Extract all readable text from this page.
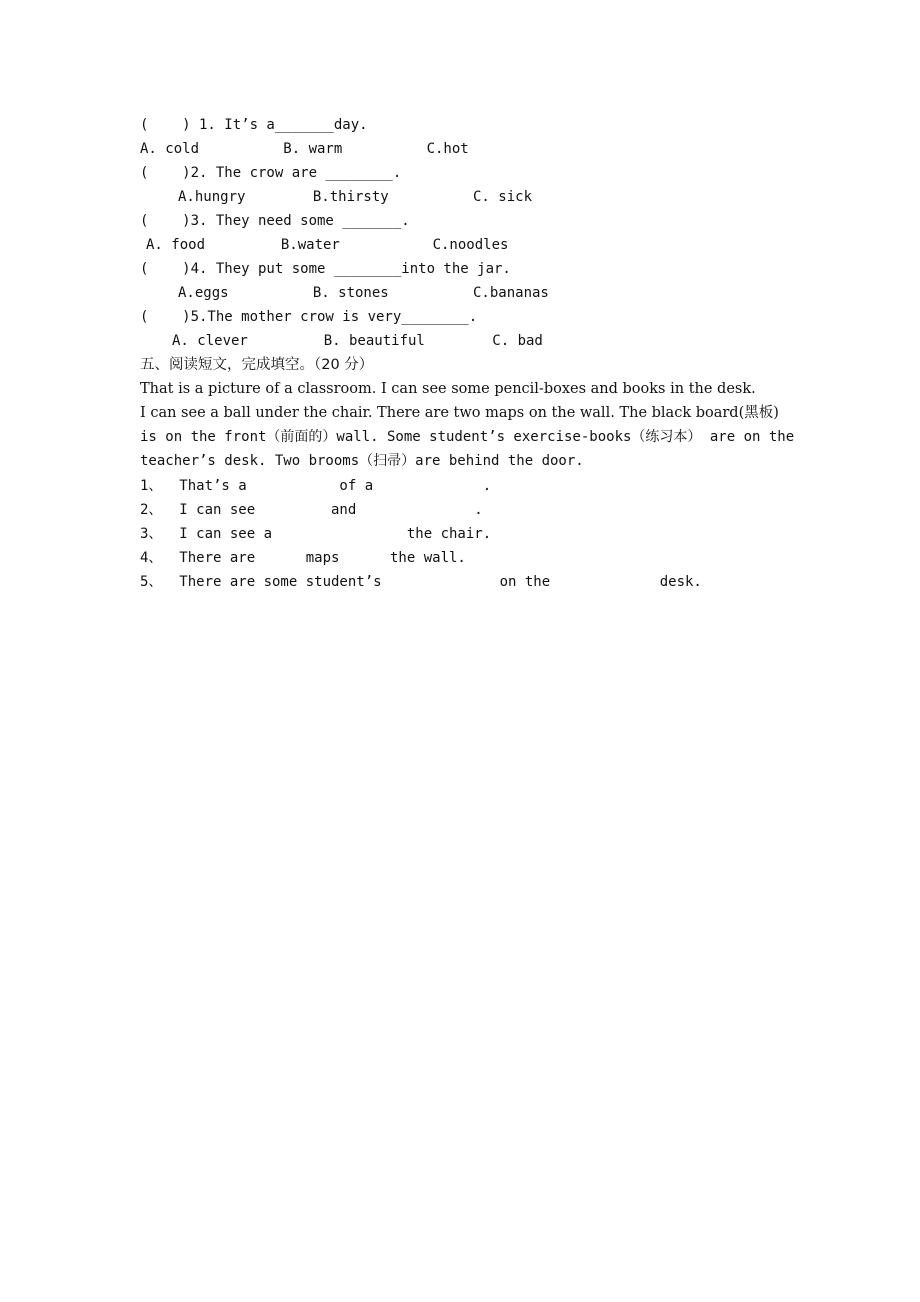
(    ) 1. It’s a_______day.
A. cold          B. warm          C.hot
(    )2. The crow are ________.
A.hungry        B.thirsty          C. sick
(    )3. They need some _______.
A. food         B.water           C.noodles
(    )4. They put some ________into the jar.
A.eggs          B. stones          C.bananas
(    )5.The mother crow is very________.
A. clever         B. beautiful        C. bad
五、阅读短文，完成填空。（20 分）
That is a picture of a classroom. I can see some pencil-boxes and books in the desk.
I can see a ball under the chair. There are two maps on the wall. The black board(黑板)
is on the front（前面的）wall. Some student’s exercise-books（练习本） are on the
teacher’s desk. Two brooms（扫帚）are behind the door.
1、  That’s a           of a             .
2、  I can see         and              .
3、  I can see a                the chair.
4、  There are      maps      the wall.
5、  There are some student’s              on the             desk.
